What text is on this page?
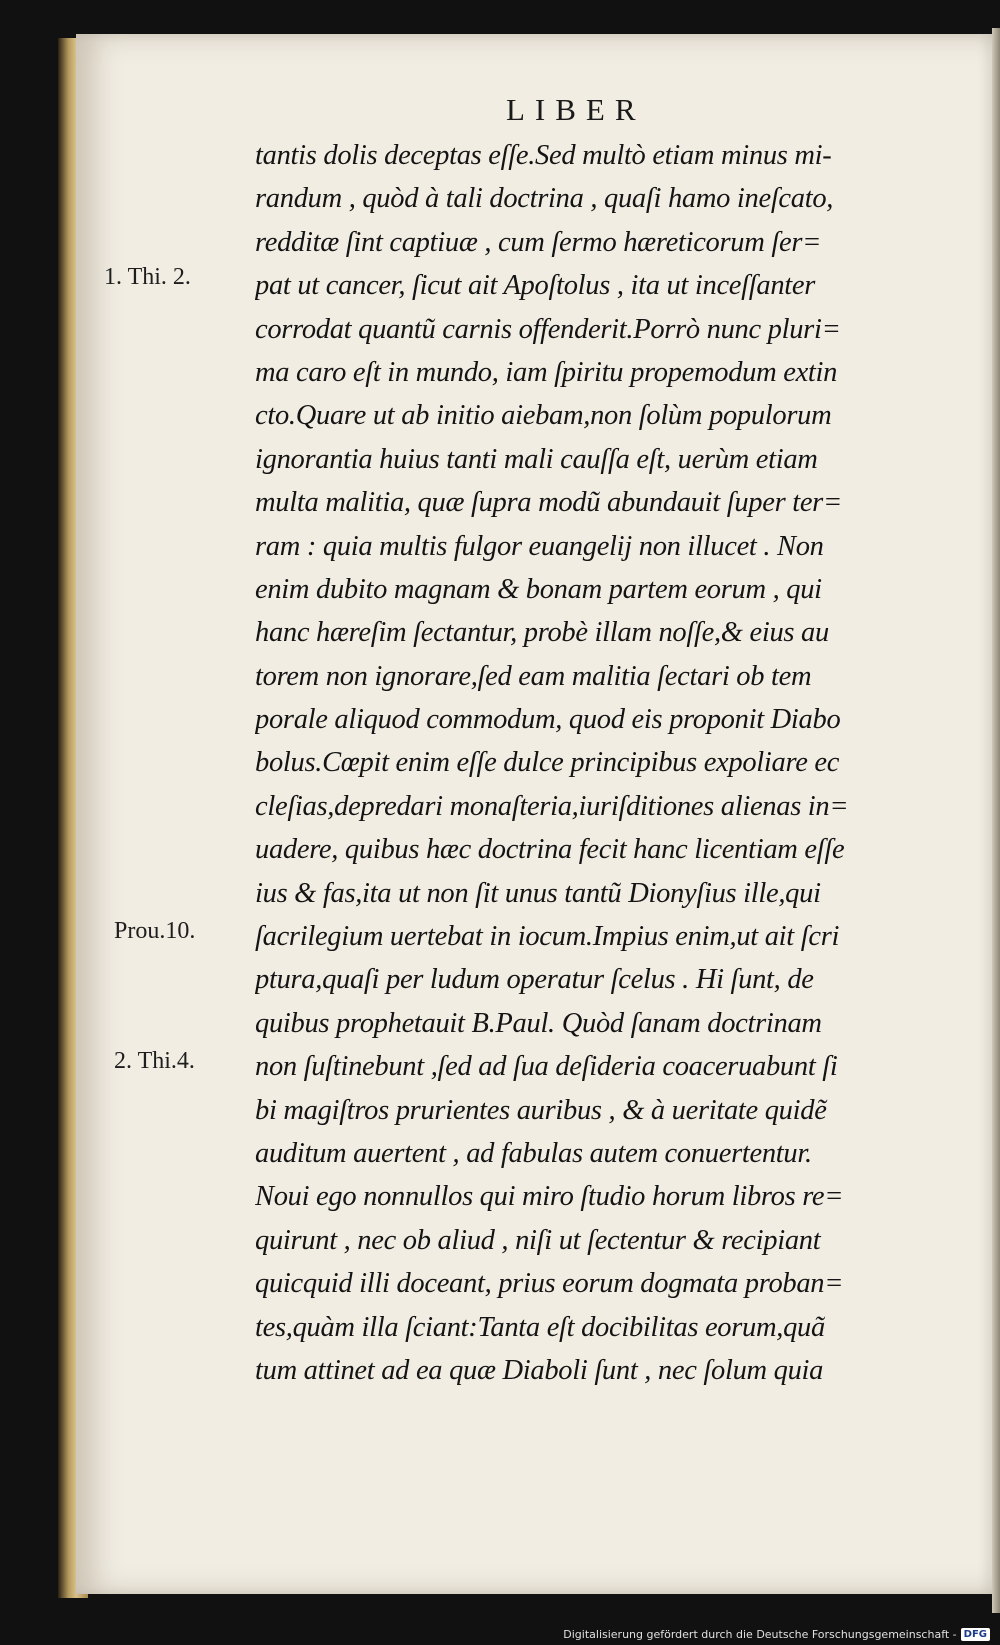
LIBER
1. Thi. 2.
Prou.10.
2. Thi.4.
tantis dolis deceptas eſſe.Sed multò etiam minus mi-
randum , quòd à tali doctrina , quaſi hamo ineſcato,
redditæ ſint captiuæ , cum ſermo hæreticorum ſer=
pat ut cancer, ſicut ait Apoſtolus , ita ut inceſſanter
corrodat quantũ carnis offenderit.Porrò nunc pluri=
ma caro eſt in mundo, iam ſpiritu propemodum extin
cto.Quare ut ab initio aiebam,non ſolùm populorum
ignorantia huius tanti mali cauſſa eſt, uerùm etiam
multa malitia, quæ ſupra modũ abundauit ſuper ter=
ram : quia multis fulgor euangelij non illucet . Non
enim dubito magnam & bonam partem eorum , qui
hanc hæreſim ſectantur, probè illam noſſe,& eius au
torem non ignorare,ſed eam malitia ſectari ob tem
porale aliquod commodum, quod eis proponit Diabo
bolus.Cœpit enim eſſe dulce principibus expoliare ec
cleſias,depredari monaſteria,iuriſditiones alienas in=
uadere, quibus hæc doctrina fecit hanc licentiam eſſe
ius & fas,ita ut non ſit unus tantũ Dionyſius ille,qui
ſacrilegium uertebat in iocum.Impius enim,ut ait ſcri
ptura,quaſi per ludum operatur ſcelus . Hi ſunt, de
quibus prophetauit B.Paul. Quòd ſanam doctrinam
non ſuſtinebunt ,ſed ad ſua deſideria coaceruabunt ſi
bi magiſtros prurientes auribus , & à ueritate quidẽ
auditum auertent , ad fabulas autem conuertentur.
Noui ego nonnullos qui miro ſtudio horum libros re=
quirunt , nec ob aliud , niſi ut ſectentur & recipiant
quicquid illi doceant, prius eorum dogmata proban=
tes,quàm illa ſciant:Tanta eſt docibilitas eorum,quã
tum attinet ad ea quæ Diaboli ſunt , nec ſolum quia
Digitalisierung gefördert durch die Deutsche Forschungsgemeinschaft - DFG
